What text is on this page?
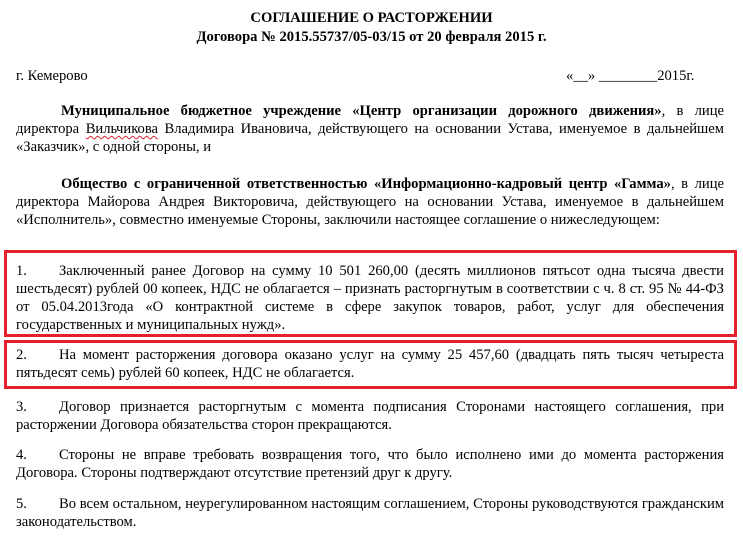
СОГЛАШЕНИЕ О РАСТОРЖЕНИИ
Договора № 2015.55737/05-03/15 от 20 февраля 2015 г.
г. Кемерово	«__» ________2015г.
Муниципальное бюджетное учреждение «Центр организации дорожного движения», в лице директора Вильчикова Владимира Ивановича, действующего на основании Устава, именуемое в дальнейшем «Заказчик», с одной стороны, и
Общество с ограниченной ответственностью «Информационно-кадровый центр «Гамма», в лице директора Майорова Андрея Викторовича, действующего на основании Устава, именуемое в дальнейшем «Исполнитель», совместно именуемые Стороны, заключили настоящее соглашение о нижеследующем:
1. Заключенный ранее Договор на сумму 10 501 260,00 (десять миллионов пятьсот одна тысяча двести шестьдесят) рублей 00 копеек, НДС не облагается – признать расторгнутым в соответствии с ч. 8 ст. 95 № 44-ФЗ от 05.04.2013года «О контрактной системе в сфере закупок товаров, работ, услуг для обеспечения государственных и муниципальных нужд».
2. На момент расторжения договора оказано услуг на сумму 25 457,60 (двадцать пять тысяч четыреста пятьдесят семь) рублей 60 копеек, НДС не облагается.
3. Договор признается расторгнутым с момента подписания Сторонами настоящего соглашения, при расторжении Договора обязательства сторон прекращаются.
4. Стороны не вправе требовать возвращения того, что было исполнено ими до момента расторжения Договора. Стороны подтверждают отсутствие претензий друг к другу.
5. Во всем остальном, неурегулированном настоящим соглашением, Стороны руководствуются гражданским законодательством.
